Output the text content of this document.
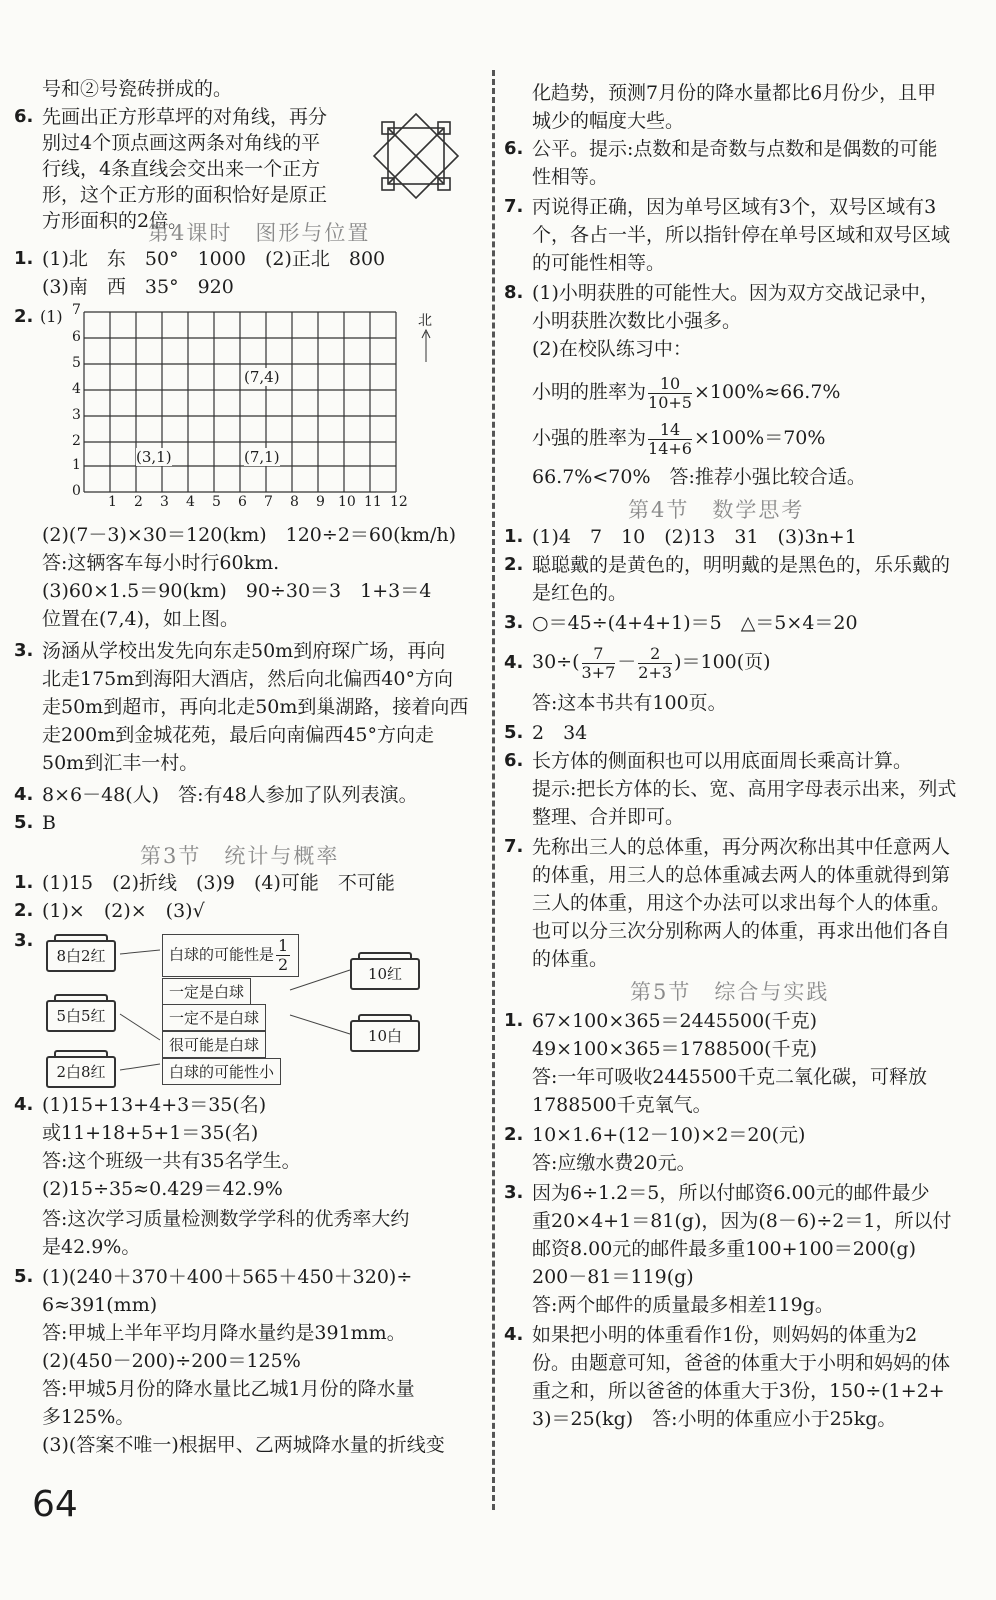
号和②号瓷砖拼成的。
6. 先画出正方形草坪的对角线，再分
别过4个顶点画这两条对角线的平
行线，4条直线会交出来一个正方
形，这个正方形的面积恰好是原正
方形面积的2倍。
第4课时　图形与位置
1. (1)北　东　50°　1000　(2)正北　800
(3)南　西　35°　920
2. (1) 7
6
5
4
3
2
1
0
1 2 3 4 5 6 7 8 9 10 11 12
北
(3,1)	(7,1)
(7,4)
(2)(7－3)×30＝120(km)　120÷2＝60(km/h)
答:这辆客车每小时行60km.
(3)60×1.5＝90(km)　90÷30＝3　1+3＝4
位置在(7,4)，如上图。
3. 汤涵从学校出发先向东走50m到府琛广场，再向
北走175m到海阳大酒店，然后向北偏西40°方向
走50m到超市，再向北走50m到巢湖路，接着向西
走200m到金城花苑，最后向南偏西45°方向走
50m到汇丰一村。
4. 8×6－48(人)　答:有48人参加了队列表演。
5. B
第3节　统计与概率
1. (1)15　(2)折线　(3)9　(4)可能　不可能
2. (1)×　(2)×　(3)√
3.
8白2红
5白5红
2白8红
10红
10白
白球的可能性是 $\frac{1}{2}$
一定是白球
一定不是白球
很可能是白球
白球的可能性小
4. (1)15+13+4+3＝35(名)
或11+18+5+1＝35(名)
答:这个班级一共有35名学生。
(2)15÷35≈0.429＝42.9%
答:这次学习质量检测数学学科的优秀率大约
是42.9%。
5. (1)(240＋370＋400＋565＋450＋320)÷
6≈391(mm)
答:甲城上半年平均月降水量约是391mm。
(2)(450－200)÷200＝125%
答:甲城5月份的降水量比乙城1月份的降水量
多125%。
(3)(答案不唯一)根据甲、乙两城降水量的折线变
64
化趋势，预测7月份的降水量都比6月份少，且甲
城少的幅度大些。
6. 公平。提示:点数和是奇数与点数和是偶数的可能
性相等。
7. 丙说得正确，因为单号区域有3个，双号区域有3
个，各占一半，所以指针停在单号区域和双号区域
的可能性相等。
8. (1)小明获胜的可能性大。因为双方交战记录中，
小明获胜次数比小强多。
(2)在校队练习中：
小明的胜率为 $\frac{10}{10+5} \times 100\%\approx 66.7\%$
小强的胜率为 $\frac{14}{14+6} \times 100\%=70\%$
66.7%<70%　答:推荐小强比较合适。
第4节　数学思考
1. (1)4　7　10　(2)13　31　(3)3n+1
2. 聪聪戴的是黄色的，明明戴的是黑色的，乐乐戴的
是红色的。
3. ○＝45÷(4+4+1)＝5　△＝5×4＝20
4. $30\div( \frac{7}{3+7} - \frac{2}{2+3} )=100$(页)
答:这本书共有100页。
5. 2　34
6. 长方体的侧面积也可以用底面周长乘高计算。
提示:把长方体的长、宽、高用字母表示出来，列式
整理、合并即可。
7. 先称出三人的总体重，再分两次称出其中任意两人
的体重，用三人的总体重减去两人的体重就得到第
三人的体重，用这个办法可以求出每个人的体重。
也可以分三次分别称两人的体重，再求出他们各自
的体重。
第5节　综合与实践
1. 67×100×365＝2445500(千克)
49×100×365＝1788500(千克)
答:一年可吸收2445500千克二氧化碳，可释放
1788500千克氧气。
2. 10×1.6+(12－10)×2＝20(元)
答:应缴水费20元。
3. 因为6÷1.2＝5，所以付邮资6.00元的邮件最少
重20×4+1＝81(g)，因为(8－6)÷2＝1，所以付
邮资8.00元的邮件最多重100+100＝200(g)
200－81＝119(g)
答:两个邮件的质量最多相差119g。
4. 如果把小明的体重看作1份，则妈妈的体重为2
份。由题意可知，爸爸的体重大于小明和妈妈的体
重之和，所以爸爸的体重大于3份，150÷(1+2+
3)＝25(kg)　答:小明的体重应小于25kg。
